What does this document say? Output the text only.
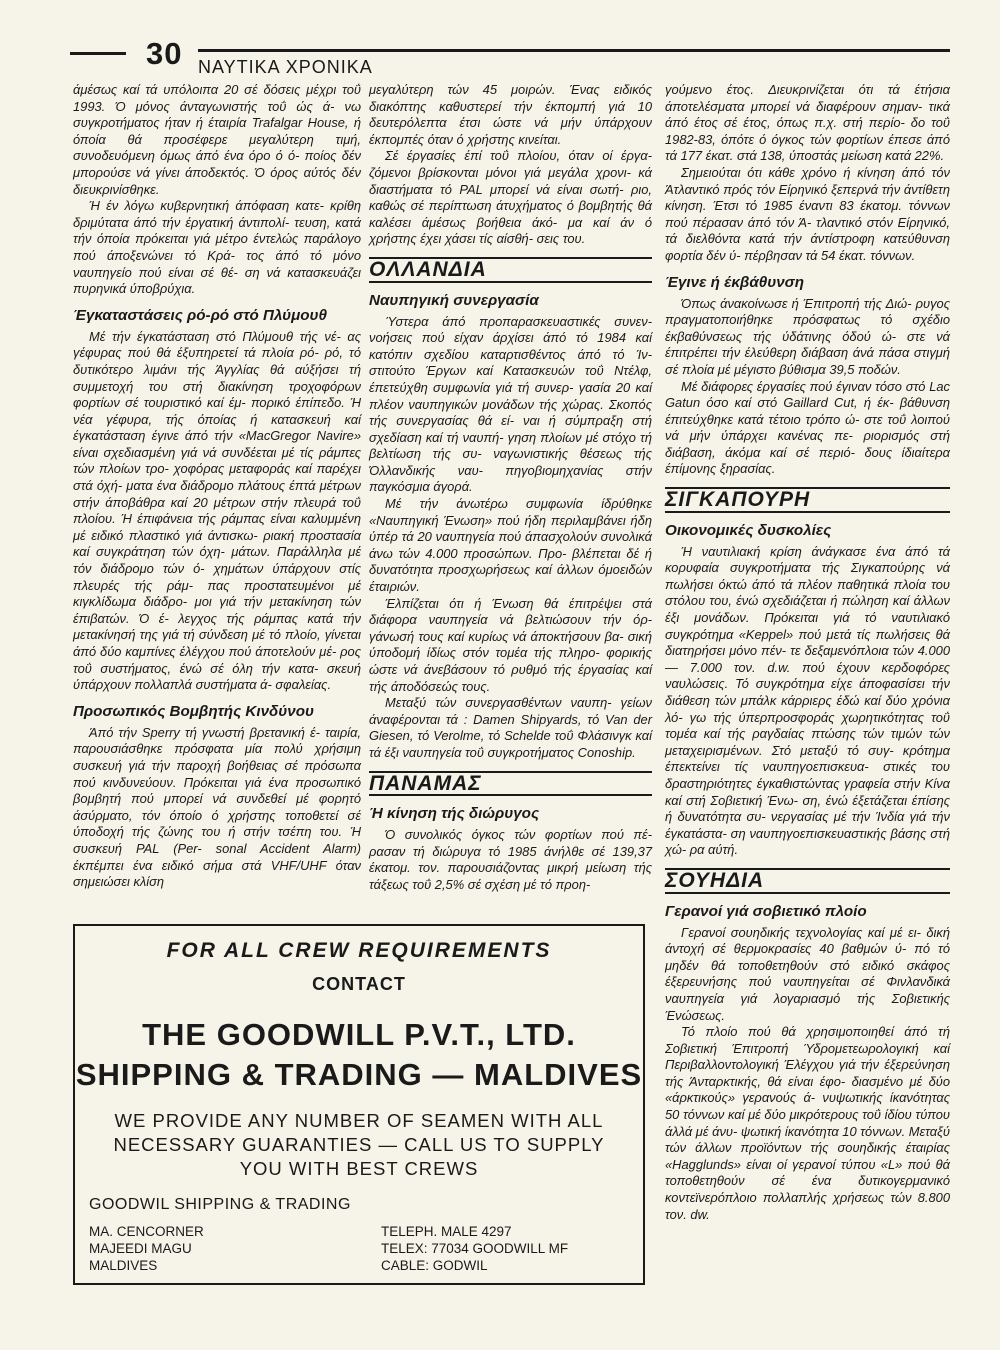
30 ΝΑΥΤΙΚΑ ΧΡΟΝΙΚΑ

άμέσως καί τά υπόλοιπα 20 σέ δόσεις μέχρι τοΰ 1993. Ό μόνος άνταγωνιστής τοΰ ώς ά- νω συγκροτήματος ήταν ή έταιρία Trafalgar House, ή όποία θά προσέφερε μεγαλύτερη τιμή, συνοδευόμενη όμως άπό ένα όρο ό ό- ποίος δέν μπορούσε νά γίνει άποδεκτός. Ό όρος αύτός δέν διευκρινίσθηκε.

Ή έν λόγω κυβερνητική άπόφαση κατε- κρίθη δριμύτατα άπό τήν έργατική άντιπολί- τευση, κατά τήν όποία πρόκειται γιά μέτρο έντελώς παράλογο πού άποξενώνει τό Κρά- τος άπό τό μόνο ναυπηγείο πού είναι σέ θέ- ση νά κατασκευάζει πυρηνικά ύποβρύχια.

Έγκαταστάσεις ρό-ρό στό Πλύμουθ

Μέ τήν έγκατάσταση στό Πλύμουθ τής νέ- ας γέφυρας πού θά έξυπηρετεί τά πλοία ρό- ρό, τό δυτικότερο λιμάνι τής Άγγλίας θά αύξήσει τή συμμετοχή του στή διακίνηση τροχοφόρων φορτίων σέ τουριστικό καί έμ- πορικό έπίπεδο. Ή νέα γέφυρα, τής όποίας ή κατασκευή καί έγκατάσταση έγινε άπό τήν «MacGregor Navire» είναι σχεδιασμένη γιά νά συνδέεται μέ τίς ράμπες τών πλοίων τρο- χοφόρας μεταφοράς καί παρέχει στά όχή- ματα ένα διάδρομο πλάτους έπτά μέτρων στήν άποβάθρα καί 20 μέτρων στήν πλευρά τοΰ πλοίου. Ή έπιφάνεια τής ράμπας είναι καλυμμένη μέ ειδικό πλαστικό γιά άντισκω- ριακή προστασία καί συγκράτηση τών όχη- μάτων. Παράλληλα μέ τόν διάδρομο τών ό- χημάτων ύπάρχουν στίς πλευρές τής ράμ- πας προστατευμένοι μέ κιγκλίδωμα διάδρο- μοι γιά τήν μετακίνηση τών έπιβατών. Ό έ- λεγχος τής ράμπας κατά τήν μετακίνησή της γιά τή σύνδεση μέ τό πλοίο, γίνεται άπό δύο καμπίνες έλέγχου πού άποτελούν μέ- ρος τοΰ συστήματος, ένώ σέ όλη τήν κατα- σκευή ύπάρχουν πολλαπλά συστήματα ά- σφαλείας.

Προσωπικός Βομβητής Κινδύνου

Άπό τήν Sperry τή γνωστή βρετανική έ- ταιρία, παρουσιάσθηκε πρόσφατα μία πολύ χρήσιμη συσκευή γιά τήν παροχή βοήθειας σέ πρόσωπα πού κινδυνεύουν. Πρόκειται γιά ένα προσωπικό βομβητή πού μπορεί νά συνδεθεί μέ φορητό άσύρματο, τόν όποίο ό χρήστης τοποθετεί σέ ύποδοχή τής ζώνης του ή στήν τσέπη του. Ή συσκευή PAL (Per- sonal Accident Alarm) έκπέμπει ένα ειδικό σήμα στά VHF/UHF όταν σημειώσει κλίση

μεγαλύτερη τών 45 μοιρών. Ένας ειδικός διακόπτης καθυστερεί τήν έκπομπή γιά 10 δευτερόλεπτα έτσι ώστε νά μήν ύπάρχουν έκπομπές όταν ό χρήστης κινείται.

Σέ έργασίες έπί τοΰ πλοίου, όταν οί έργα- ζόμενοι βρίσκονται μόνοι γιά μεγάλα χρονι- κά διαστήματα τό PAL μπορεί νά είναι σωτή- ριο, καθώς σέ περίπτωση άτυχήματος ό βομβητής θά καλέσει άμέσως βοήθεια άκό- μα καί άν ό χρήστης έχει χάσει τίς αίσθή- σεις του.

ΟΛΛΑΝΔΙΑ
Ναυπηγική συνεργασία

Ύστερα άπό προπαρασκευαστικές συνεν- νοήσεις πού είχαν άρχίσει άπό τό 1984 καί κατόπιν σχεδίου καταρτισθέντος άπό τό Ίν- στιτούτο Έργων καί Κατασκευών τοΰ Ντέλφ, έπετεύχθη συμφωνία γιά τή συνερ- γασία 20 καί πλέον ναυπηγικών μονάδων τής χώρας. Σκοπός τής συνεργασίας θά εί- ναι ή σύμπραξη στή σχεδίαση καί τή ναυπή- γηση πλοίων μέ στόχο τή βελτίωση τής συ- ναγωνιστικής θέσεως τής Όλλανδικής ναυ- πηγοβιομηχανίας στήν παγκόσμια άγορά.

Μέ τήν άνωτέρω συμφωνία ίδρύθηκε «Ναυπηγική Ένωση» πού ήδη περιλαμβάνει ήδη ύπέρ τά 20 ναυπηγεία πού άπασχολούν συνολικά άνω τών 4.000 προσώπων. Προ- βλέπεται δέ ή δυνατότητα προσχωρήσεως καί άλλων όμοειδών έταιριών.

Έλπίζεται ότι ή Ένωση θά έπιτρέψει στά διάφορα ναυπηγεία νά βελτιώσουν τήν όρ- γάνωσή τους καί κυρίως νά άποκτήσουν βα- σική ύποδομή ίδίως στόν τομέα τής πληρο- φορικής ώστε νά άνεβάσουν τό ρυθμό τής έργασίας καί τής άποδόσεώς τους.

Μεταξύ τών συνεργασθέντων ναυπη- γείων άναφέρονται τά : Damen Shipyards, τό Van der Giesen, τό Verolme, τό Schelde τοΰ Φλάσινγκ καί τά έξι ναυπηγεία τοΰ συγκροτήματος Conoship.

ΠΑΝΑΜΑΣ
Ή κίνηση τής διώρυγος

Ό συνολικός όγκος τών φορτίων πού πέ- ρασαν τή διώρυγα τό 1985 άνήλθε σέ 139,37 έκατομ. τον. παρουσιάζοντας μικρή μείωση τής τάξεως τοΰ 2,5% σέ σχέση μέ τό προη-

γούμενο έτος. Διευκρινίζεται ότι τά έτήσια άποτελέσματα μπορεί νά διαφέρουν σημαν- τικά άπό έτος σέ έτος, όπως π.χ. στή περίο- δο τοΰ 1982-83, όπότε ό όγκος τών φορτίων έπεσε άπό τά 177 έκατ. στά 138, ύποστάς μείωση κατά 22%.

Σημειούται ότι κάθε χρόνο ή κίνηση άπό τόν Άτλαντικό πρός τόν Είρηνικό ξεπερνά τήν άντίθετη κίνηση. Έτσι τό 1985 έναντι 83 έκατομ. τόννων πού πέρασαν άπό τόν Ά- τλαντικό στόν Είρηνικό, τά διελθόντα κατά τήν άντίστροφη κατεύθυνση φορτία δέν ύ- πέρβησαν τά 54 έκατ. τόννων.

Έγινε ή έκβάθυνση

Όπως άνακοίνωσε ή Έπιτροπή τής Διώ- ρυγος πραγματοποιήθηκε πρόσφατως τό σχέδιο έκβαθύνσεως τής ύδάτινης όδού ώ- στε νά έπιτρέπει τήν έλεύθερη διάβαση άνά πάσα στιγμή σέ πλοία μέ μέγιστο βύθισμα 39,5 ποδών.

Μέ διάφορες έργασίες πού έγιναν τόσο στό Lac Gatun όσο καί στό Gaillard Cut, ή έκ- βάθυνση έπιτεύχθηκε κατά τέτοιο τρόπο ώ- στε τοΰ λοιπού νά μήν ύπάρχει κανένας πε- ριορισμός στή διάβαση, άκόμα καί σέ περιό- δους ίδιαίτερα έπίμονης ξηρασίας.

ΣΙΓΚΑΠΟΥΡΗ
Οικονομικές δυσκολίες

Ή ναυτιλιακή κρίση άνάγκασε ένα άπό τά κορυφαία συγκροτήματα τής Σιγκαπούρης νά πωλήσει όκτώ άπό τά πλέον παθητικά πλοία του στόλου του, ένώ σχεδιάζεται ή πώληση καί άλλων έξι μονάδων. Πρόκειται γιά τό ναυτιλιακό συγκρότημα «Keppel» πού μετά τίς πωλήσεις θά διατηρήσει μόνο πέν- τε δεξαμενόπλοια τών 4.000 — 7.000 τον. d.w. πού έχουν κερδοφόρες ναυλώσεις. Τό συγκρότημα είχε άποφασίσει τήν διάθεση τών μπάλκ κάρριερς έδώ καί δύο χρόνια λό- γω τής ύπερπροσφοράς χωρητικότητας τοΰ τομέα καί τής ραγδαίας πτώσης τών τιμών τών μεταχειρισμένων. Στό μεταξύ τό συγ- κρότημα έπεκτείνει τίς ναυπηγοεπισκευα- στικές του δραστηριότητες έγκαθιστώντας γραφεία στήν Κίνα καί στή Σοβιετική Ένω- ση, ένώ έξετάζεται έπίσης ή δυνατότητα συ- νεργασίας μέ τήν Ίνδία γιά τήν έγκατάστα- ση ναυπηγοεπισκευαστικής βάσης στή χώ- ρα αύτή.

ΣΟΥΗΔΙΑ
Γερανοί γιά σοβιετικό πλοίο

Γερανοί σουηδικής τεχνολογίας καί μέ ει- δική άντοχή σέ θερμοκρασίες 40 βαθμών ύ- πό τό μηδέν θά τοποθετηθούν στό ειδικό σκάφος έξερευνήσης πού ναυπηγείται σέ Φινλανδικά ναυπηγεία γιά λογαριασμό τής Σοβιετικής Ένώσεως.

Τό πλοίο πού θά χρησιμοποιηθεί άπό τή Σοβιετική Έπιτροπή Ύδρομετεωρολογική καί Περιβαλλοντολογική Έλέγχου γιά τήν έξερεύνηση τής Άνταρκτικής, θά είναι έφο- διασμένο μέ δύο «άρκτικούς» γερανούς ά- νυψωτικής ίκανότητας 50 τόννων καί μέ δύο μικρότερους τοΰ ίδίου τύπου άλλά μέ άνυ- ψωτική ίκανότητα 10 τόννων. Μεταξύ τών άλλων προϊόντων τής σουηδικής έταιρίας «Hagglunds» είναι οί γερανοί τύπου «L» πού θά τοποθετηθούν σέ ένα δυτικογερμανικό κοντεϊνερόπλοιο πολλαπλής χρήσεως τών 8.800 τον. dw.

FOR ALL CREW REQUIREMENTS
CONTACT
THE GOODWILL P.V.T., LTD.
SHIPPING & TRADING — MALDIVES
WE PROVIDE ANY NUMBER OF SEAMEN WITH ALL NECESSARY GUARANTIES — CALL US TO SUPPLY YOU WITH BEST CREWS
GOODWIL SHIPPING & TRADING
MA. CENCORNER
MAJEEDI MAGU
MALDIVES
TELEPH. MALE 4297
TELEX: 77034 GOODWILL MF
CABLE: GODWIL
